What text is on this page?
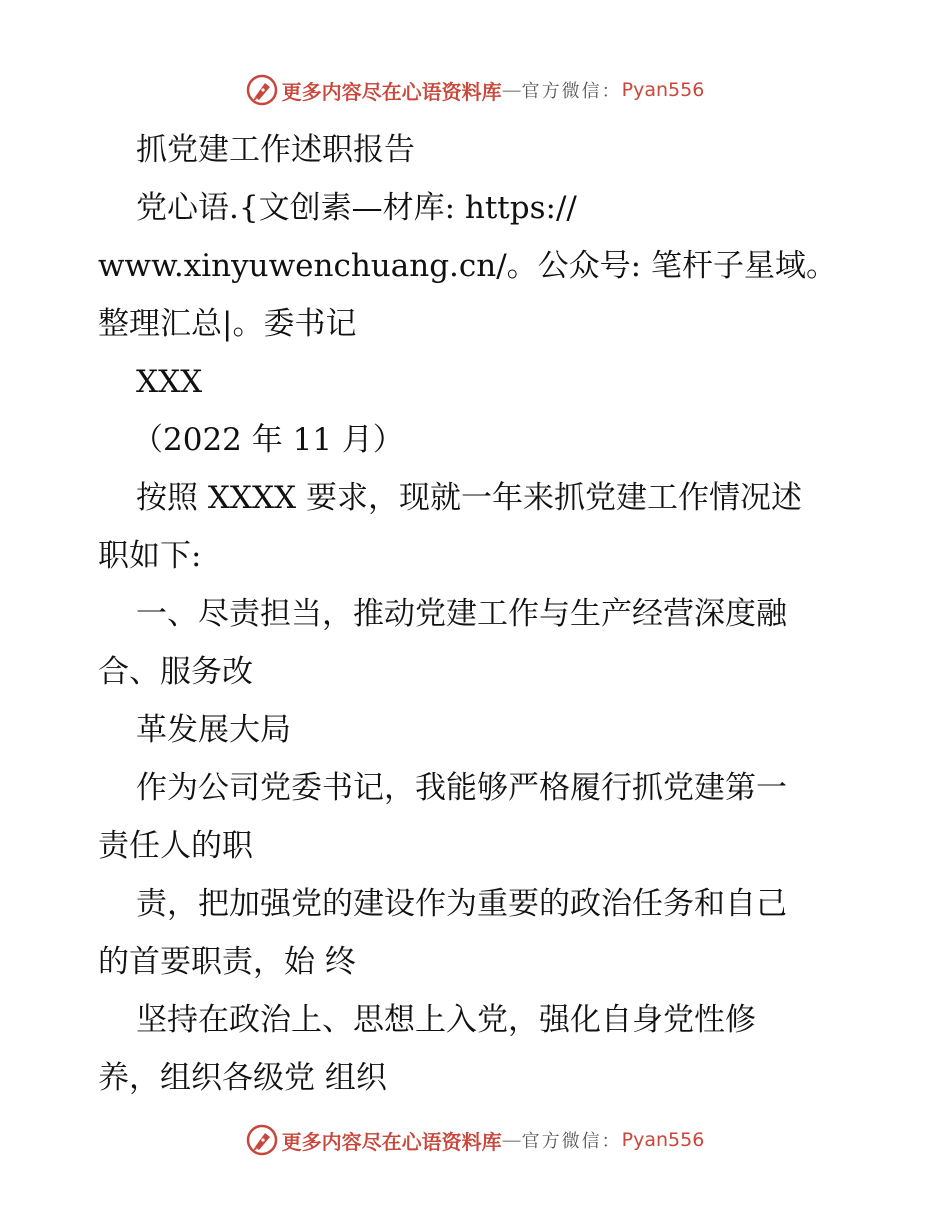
更多内容尽在心语资料库 — 官方微信： Pyan556
抓党建工作述职报告
党心语.{文创素—材库: https://
www.xinyuwenchuang.cn/。公众号: 笔杆子星域。
整理汇总|。委书记
XXX
（2022 年 11 月）
按照 XXXX 要求，现就一年来抓党建工作情况述
职如下:
一、尽责担当，推动党建工作与生产经营深度融
合、服务改
革发展大局
作为公司党委书记，我能够严格履行抓党建第一
责任人的职
责，把加强党的建设作为重要的政治任务和自己
的首要职责，始 终
坚持在政治上、思想上入党，强化自身党性修
养，组织各级党 组织
更多内容尽在心语资料库 — 官方微信： Pyan556
